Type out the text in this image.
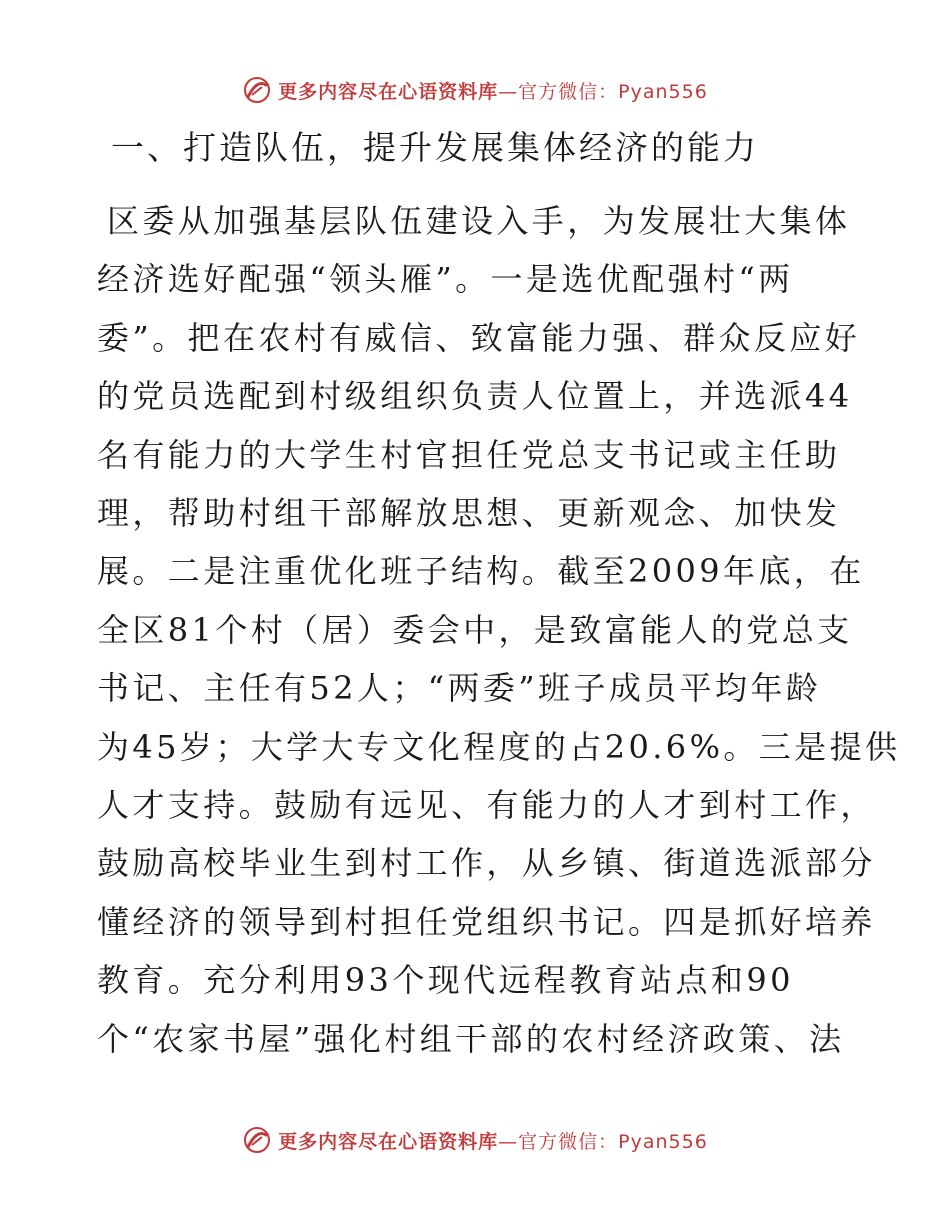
更多内容尽在心语资料库 —官方微信：Pyan556
一、打造队伍，提升发展集体经济的能力

区委从加强基层队伍建设入手，为发展壮大集体

经济选好配强“领头雁”。一是选优配强村“两

委”。把在农村有威信、致富能力强、群众反应好

的党员选配到村级组织负责人位置上，并选派44

名有能力的大学生村官担任党总支书记或主任助

理，帮助村组干部解放思想、更新观念、加快发

展。二是注重优化班子结构。截至2009年底，在

全区81个村（居）委会中，是致富能人的党总支

书记、主任有52人；“两委”班子成员平均年龄

为45岁；大学大专文化程度的占20.6%。三是提供

人才支持。鼓励有远见、有能力的人才到村工作，

鼓励高校毕业生到村工作，从乡镇、街道选派部分

懂经济的领导到村担任党组织书记。四是抓好培养

教育。充分利用93个现代远程教育站点和90

个“农家书屋”强化村组干部的农村经济政策、法

更多内容尽在心语资料库 —官方微信：Pyan556
